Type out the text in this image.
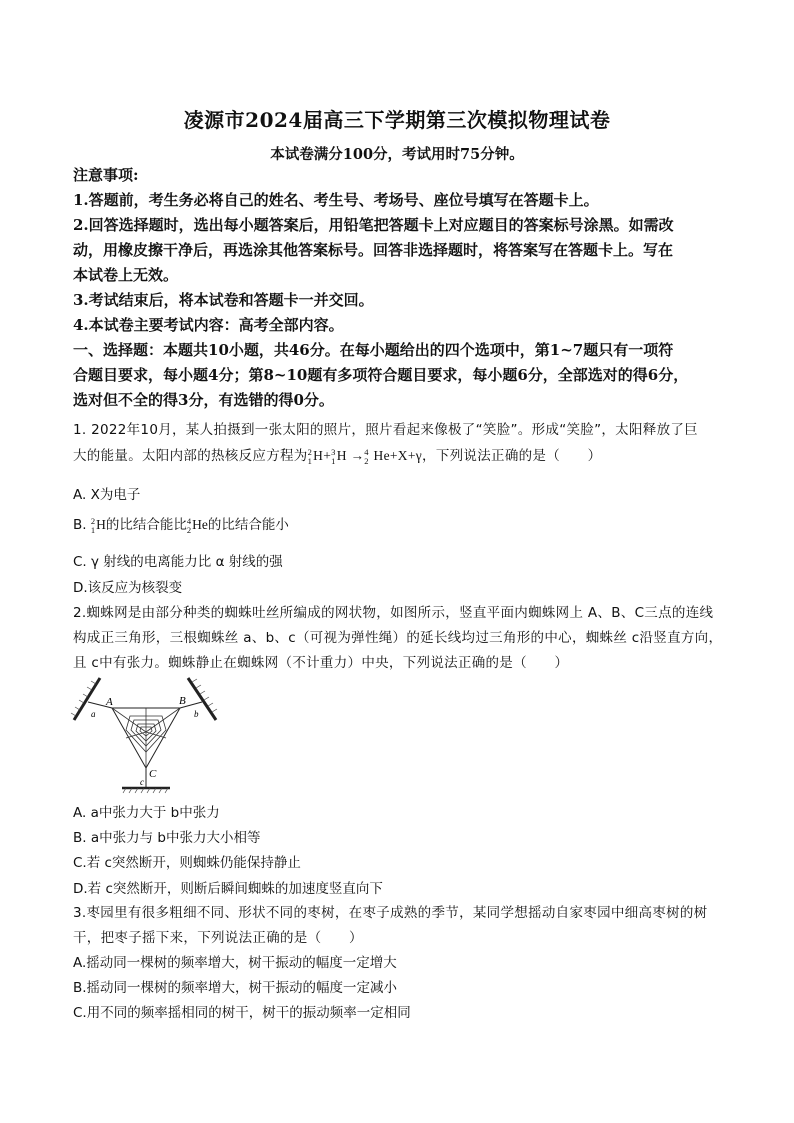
凌源市2024届高三下学期第三次模拟物理试卷
本试卷满分100分，考试用时75分钟。
注意事项:
1.答题前，考生务必将自己的姓名、考生号、考场号、座位号填写在答题卡上。
2.回答选择题时，选出每小题答案后，用铅笔把答题卡上对应题目的答案标号涂黑。如需改
动，用橡皮擦干净后，再选涂其他答案标号。回答非选择题时，将答案写在答题卡上。写在
本试卷上无效。
3.考试结束后，将本试卷和答题卡一并交回。
4.本试卷主要考试内容：高考全部内容。
一、选择题：本题共10小题，共46分。在每小题给出的四个选项中，第1~7题只有一项符
合题目要求，每小题4分；第8~10题有多项符合题目要求，每小题6分，全部选对的得6分，
选对但不全的得3分，有选错的得0分。
1. 2022年10月，某人拍摄到一张太阳的照片，照片看起来像极了“笑脸”。形成“笑脸”，太阳释放了巨
大的能量。太阳内部的热核反应方程为 2
1 H+ 3
1 H → 4
2 He+X+γ，下列说法正确的是（　　）
A. X为电子
B. 2
1 H的比结合能比 4
2 He的比结合能小
C. γ 射线的电离能力比 α 射线的强
D.该反应为核裂变
2.蜘蛛网是由部分种类的蜘蛛吐丝所编成的网状物，如图所示，竖直平面内蜘蛛网上 A、B、C三点的连线
构成正三角形，三根蜘蛛丝 a、b、c（可视为弹性绳）的延长线均过三角形的中心，蜘蛛丝 c沿竖直方向，
且 c中有张力。蜘蛛静止在蜘蛛网（不计重力）中央，下列说法正确的是（　　）
A	B
C
a	b
c
A. a中张力大于 b中张力
B. a中张力与 b中张力大小相等
C.若 c突然断开，则蜘蛛仍能保持静止
D.若 c突然断开，则断后瞬间蜘蛛的加速度竖直向下
3.枣园里有很多粗细不同、形状不同的枣树，在枣子成熟的季节，某同学想摇动自家枣园中细高枣树的树
干，把枣子摇下来，下列说法正确的是（　　）
A.摇动同一棵树的频率增大，树干振动的幅度一定增大
B.摇动同一棵树的频率增大，树干振动的幅度一定减小
C.用不同的频率摇相同的树干，树干的振动频率一定相同
